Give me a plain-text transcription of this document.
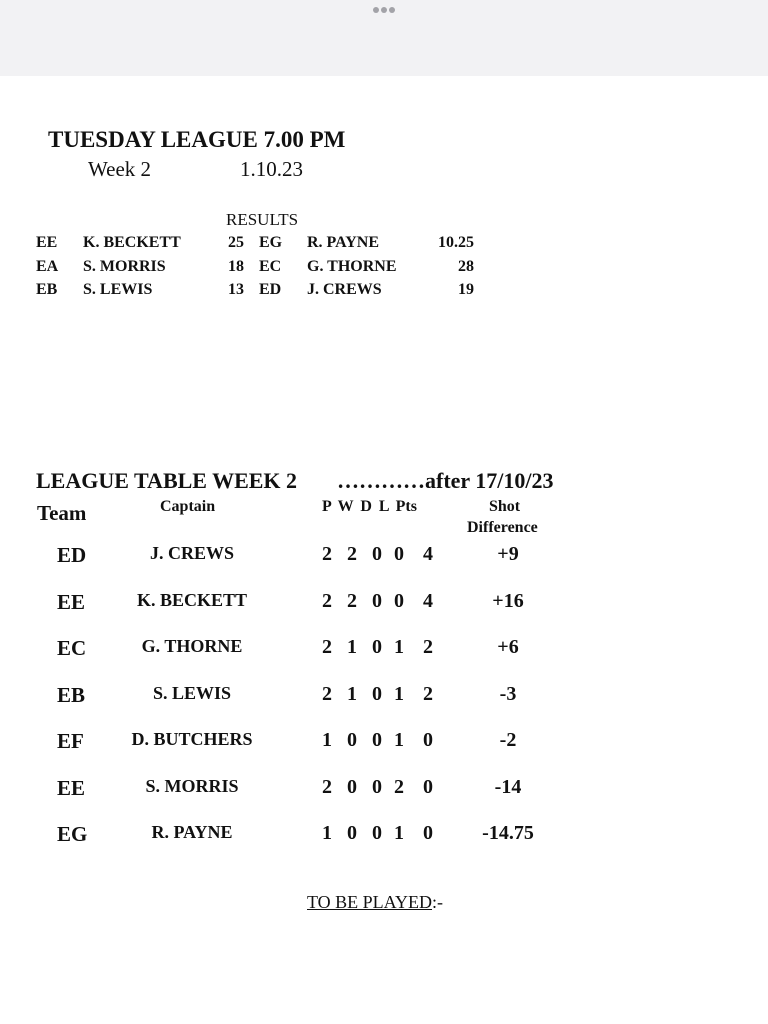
TUESDAY LEAGUE 7.00 PM
Week 2	1.10.23
RESULTS
EE K. BECKETT	25 EG R. PAYNE	10.25
EA S. MORRIS	18 EC G. THORNE	28
EB S. LEWIS	13 ED J. CREWS	19
LEAGUE TABLE WEEK 2 …………after 17/10/23
Team	Captain	P W D L Pts	Shot
Difference
ED	J. CREWS	2 2 0 0 4	+9
EE	K. BECKETT	2 2 0 0 4	+16
EC	G. THORNE	2 1 0 1 2	+6
EB	S. LEWIS	2 1 0 1 2	-3
EF	D. BUTCHERS	1 0 0 1 0	-2
EE	S. MORRIS	2 0 0 2 0	-14
EG	R. PAYNE	1 0 0 1 0	-14.75
TO BE PLAYED:-
